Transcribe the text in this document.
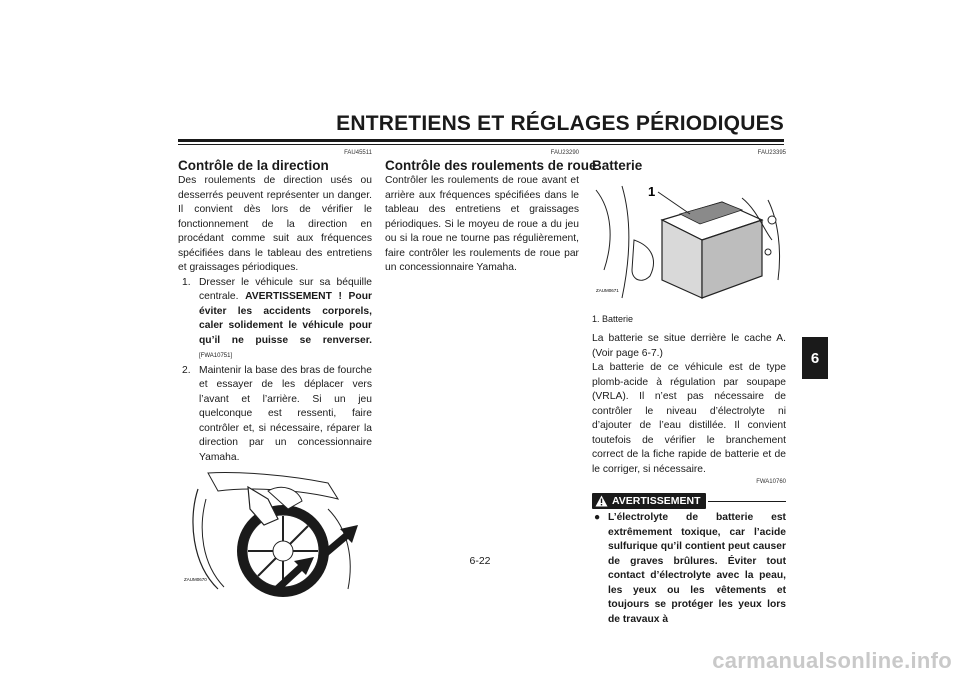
ENTRETIENS ET RÉGLAGES PÉRIODIQUES
6
FAU45511
Contrôle de la direction

Des roulements de direction usés ou desserrés peuvent représenter un danger. Il convient dès lors de vérifier le fonctionnement de la direction en procédant comme suit aux fréquences spécifiées dans le tableau des entretiens et graissages périodiques.

1. Dresser le véhicule sur sa béquille centrale. AVERTISSEMENT ! Pour éviter les accidents corporels, caler solidement le véhicule pour qu’il ne puisse se renverser. [FWA10751]
2. Maintenir la base des bras de fourche et essayer de les déplacer vers l’avant et l’arrière. Si un jeu quelconque est ressenti, faire contrôler et, si nécessaire, réparer la direction par un concessionnaire Yamaha.
ZAUM0670
FAU23290
Contrôle des roulements de roue

Contrôler les roulements de roue avant et arrière aux fréquences spécifiées dans le tableau des entretiens et graissages périodiques. Si le moyeu de roue a du jeu ou si la roue ne tourne pas régulièrement, faire contrôler les roulements de roue par un concessionnaire Yamaha.

FAU23395
Batterie
1
ZAUM0671
1. Batterie

La batterie se situe derrière le cache A. (Voir page 6-7.)

La batterie de ce véhicule est de type plomb-acide à régulation par soupape (VRLA). Il n’est pas nécessaire de contrôler le niveau d’électrolyte ni d’ajouter de l’eau distillée. Il convient toutefois de vérifier le branchement correct de la fiche rapide de batterie et de le corriger, si nécessaire.

FWA10760
AVERTISSEMENT
● L’électrolyte de batterie est extrêmement toxique, car l’acide sulfurique qu’il contient peut causer de graves brûlures. Éviter tout contact d’électrolyte avec la peau, les yeux ou les vêtements et toujours se protéger les yeux lors de travaux à
6-22
carmanualsonline.info
